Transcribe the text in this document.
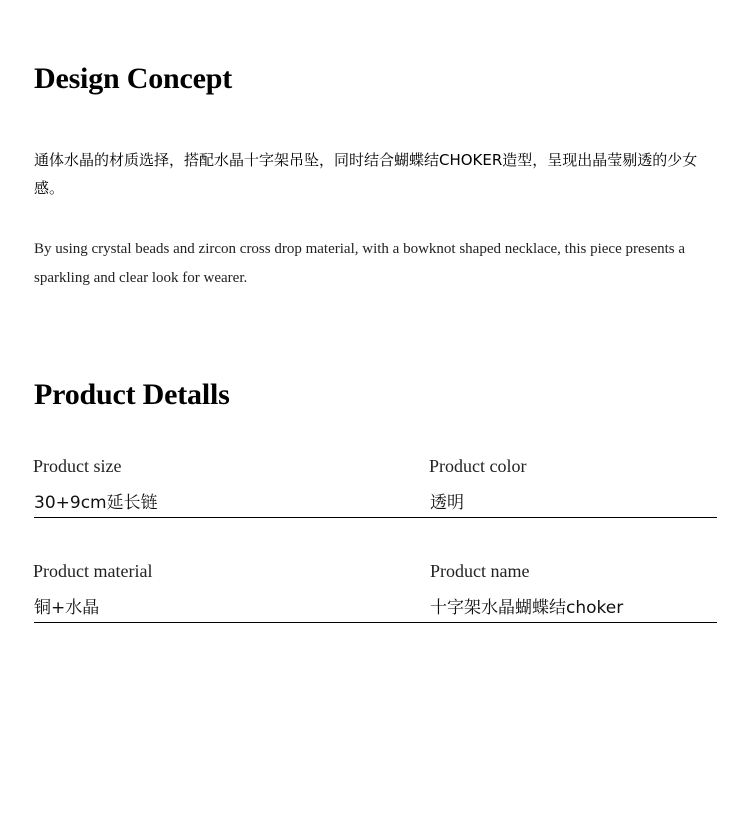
Design Concept

通体水晶的材质选择，搭配水晶十字架吊坠，同时结合蝴蝶结CHOKER造型，呈现出晶莹剔透的少女感。

By using crystal beads and zircon cross drop material, with a bowknot shaped necklace, this piece presents a sparkling and clear look for wearer.

Product Detalls
Product size
30+9cm延长链
Product color
透明
Product material
铜+水晶
Product name
十字架水晶蝴蝶结choker
